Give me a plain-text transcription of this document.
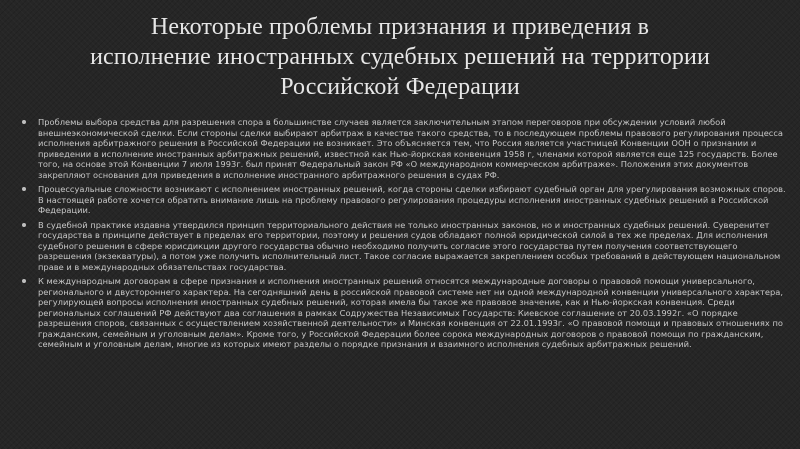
Некоторые проблемы признания и приведения в исполнение иностранных судебных решений на территории Российской Федерации
Проблемы выбора средства для разрешения спора в большинстве случаев является заключительным этапом переговоров при обсуждении условий любой внешнеэкономической сделки. Если стороны сделки выбирают арбитраж в качестве такого средства, то в последующем проблемы правового регулирования процесса исполнения арбитражного решения в Российской Федерации не возникает. Это объясняется тем, что Россия является участницей Конвенции ООН о признании и приведении в исполнение иностранных арбитражных решений, известной как Нью-йоркская конвенция 1958 г, членами которой является еще 125 государств. Более того, на основе этой Конвенции 7 июля 1993г. был принят Федеральный закон РФ «О международном коммерческом арбитраже». Положения этих документов закрепляют основания для приведения в исполнение иностранного арбитражного решения в судах РФ.
Процессуальные сложности возникают с исполнением иностранных решений, когда стороны сделки избирают судебный орган для урегулирования возможных споров. В настоящей работе хочется обратить внимание лишь на проблему правового регулирования процедуры исполнения иностранных судебных решений в Российской Федерации.
В судебной практике издавна утвердился принцип территориального действия не только иностранных законов, но и иностранных судебных решений. Суверенитет государства в принципе действует в пределах его территории, поэтому и решения судов обладают полной юридической силой в тех же пределах. Для исполнения судебного решения в сфере юрисдикции другого государства обычно необходимо получить согласие этого государства путем получения соответствующего разрешения (экзекватуры), а потом уже получить исполнительный лист. Такое согласие выражается закреплением особых требований в действующем национальном праве и в международных обязательствах государства.
К международным договорам в сфере признания и исполнения иностранных решений относятся международные договоры о правовой помощи универсального, регионального и двустороннего характера. На сегодняшний день в российской правовой системе нет ни одной международной конвенции универсального характера, регулирующей вопросы исполнения иностранных судебных решений, которая имела бы такое же правовое значение, как и Нью-йоркская конвенция. Среди региональных соглашений РФ действуют два соглашения в рамках Содружества Независимых Государств: Киевское соглашение от 20.03.1992г. «О порядке разрешения споров, связанных с осуществлением хозяйственной деятельности» и Минская конвенция от 22.01.1993г. «О правовой помощи и правовых отношениях по гражданским, семейным и уголовным делам». Кроме того, у Российской Федерации более сорока международных договоров о правовой помощи по гражданским, семейным и уголовным делам, многие из которых имеют разделы о порядке признания и взаимного исполнения судебных арбитражных решений.
